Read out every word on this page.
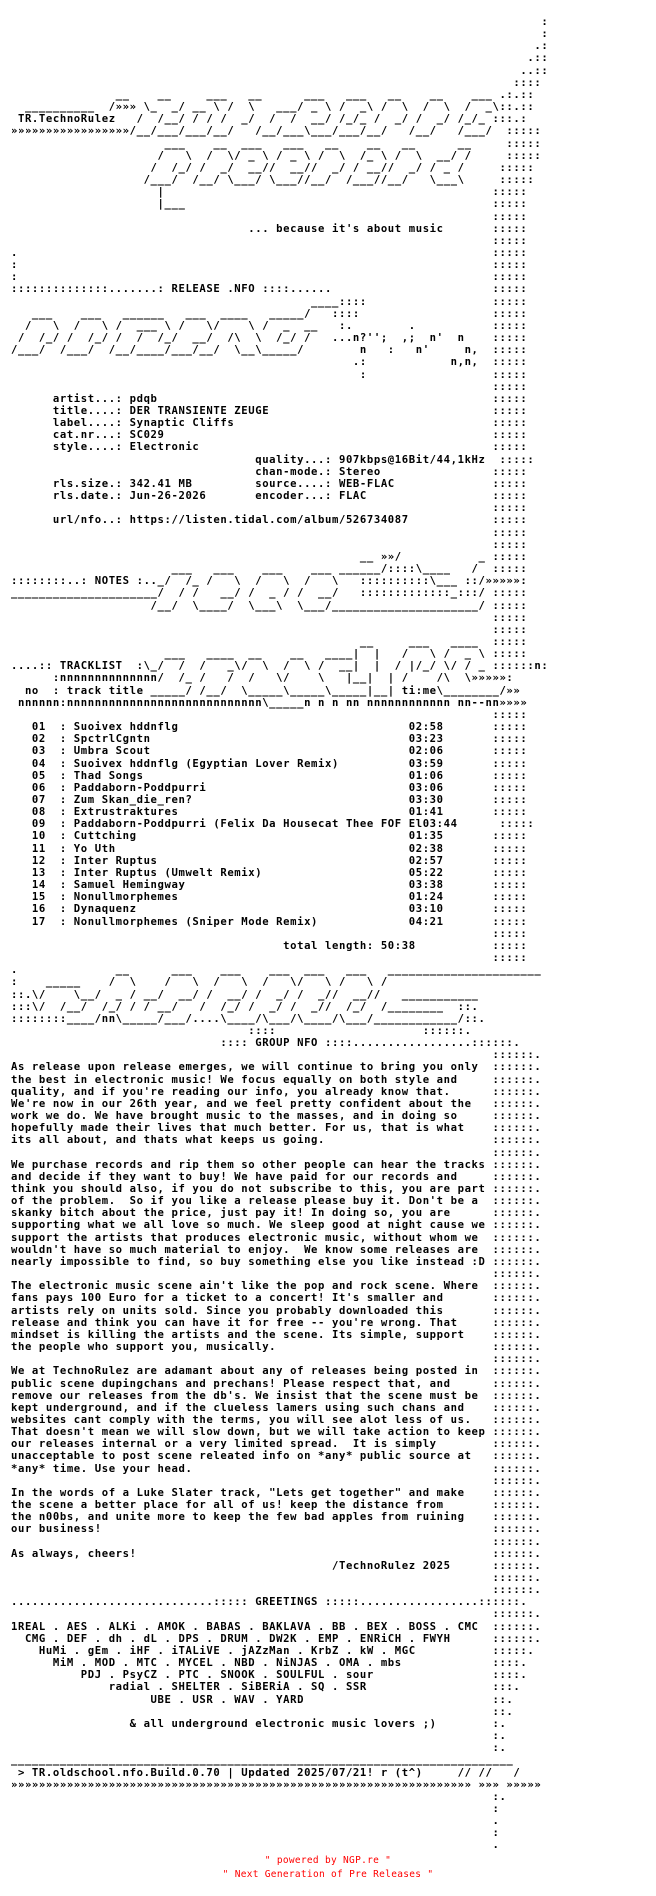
:
:
.:
.::
..::
::::
__    __     ___   __      ___   ___   __    __    ___ .:.::
__________  /»»» \_  _/ __ \ /  \   ___/ _ \ /  _\ /  \  /  \  /  _\::.::
TR.TechnoRulez   /  /__/ / / /  _/  /  /  __/ /_/_ /  _/ /  _/ /_/_ :::.:
»»»»»»»»»»»»»»»»»/__/___/___/__/   /__/___\___/___/__/   /__/   /___/  :::::
___    __  ___   ___   __    __   __      __     :::::
/   \  /  \/ _ \ / _ \ /  \  /_ \ /  \  __/ /     :::::
/  /_/ /  _/  __//  __//  _/ / __//  _/ / _ /     :::::
/___/  /__/ \___/ \___//__/  /___//__/   \___\     :::::
|                                               :::::
|___                                            :::::
:::::
... because it's about music       :::::
:::::
.                                                                    :::::
:                                                                    :::::
:                                                                    :::::
::::::::::::::.......: RELEASE .NFO ::::......                       :::::
____::::                  :::::
___    ___   ______   ___  ____   _____/   ::::                   :::::
/   \  /   \ /  ___ \ /   \/    \ /  _  __   :.        .           :::::
/  /_/ /  /_/ /  /  /_/  __/  /\  \  /_/ /   ...n?'';  ,;  n'  n    :::::
/___/  /___/  /__/____/___/__/  \__\_____/        n   :   n'     n,  :::::
.:            n,n,  :::::
:                  :::::
:::::
artist...: pdqb                                                :::::
title....: DER TRANSIENTE ZEUGE                                :::::
label....: Synaptic Cliffs                                     :::::
cat.nr...: SC029                                               :::::
style....: Electronic                                          :::::
quality...: 907kbps@16Bit/44,1kHz  :::::
chan-mode.: Stereo                :::::
rls.size.: 342.41 MB         source....: WEB-FLAC              :::::
rls.date.: Jun-26-2026       encoder...: FLAC                  :::::
:::::
url/nfo..: https://listen.tidal.com/album/526734087            :::::
:::::
:::::
__ »»/           _ :::::
___   ___    ___    ___ ______/::::\____   /  :::::
::::::::..: NOTES :.._/  /_ /   \  /   \  /   \   ::::::::::\___ ::/»»»»»:
_____________________/  / /   __/ /  _ / /  __/   :::::::::::::_:::/ :::::
/__/  \____/  \___\  \___/_____________________/ :::::
:::::
:::::
__     ___   ____  :::::
___   ____  __    __   ____|  |   /   \ /  _ \ :::::
....:: TRACKLIST  :\_/  /  /   _\/  \  /  \ /  __|  |  / |/_/ \/ / _ ::::::n:
:nnnnnnnnnnnnnn/  /_ /   /  /   \/    \   |__|  | /    /\  \»»»»»:
no  : track title _____/ /__/  \_____\_____\_____|__| ti:me\________/»»
nnnnnn:nnnnnnnnnnnnnnnnnnnnnnnnnnnn\_____n n n nn nnnnnnnnnnnn nn--nn»»»»
:::::
01  : Suoivex hddnflg                                 02:58       :::::
02  : SpctrlCgntn                                     03:23       :::::
03  : Umbra Scout                                     02:06       :::::
04  : Suoivex hddnflg (Egyptian Lover Remix)          03:59       :::::
05  : Thad Songs                                      01:06       :::::
06  : Paddaborn-Poddpurri                             03:06       :::::
07  : Zum Skan_die_ren?                               03:30       :::::
08  : Extrustraktures                                 01:41       :::::
09  : Paddaborn-Poddpurri (Felix Da Housecat Thee FOF El03:44      :::::
10  : Cuttching                                       01:35       :::::
11  : Yo Uth                                          02:38       :::::
12  : Inter Ruptus                                    02:57       :::::
13  : Inter Ruptus (Umwelt Remix)                     05:22       :::::
14  : Samuel Hemingway                                03:38       :::::
15  : Nonullmorphemes                                 01:24       :::::
16  : Dynaquenz                                       03:10       :::::
17  : Nonullmorphemes (Sniper Mode Remix)             04:21       :::::
:::::
total length: 50:38           :::::
:::::
.              __      ___    ___    ___  ___   ___   ______________________
:    _____    /  \    /   \  /   \  /   \/   \ /   \ /
::.\/    \__/  _ / __/  __/ /  __/ /  _/ /  _//  __//   ___________
:::\/  /__/  /_/ / / __/   /  /_/ /  _/ /  _//  /_/  /________  ::.
::::::::____/nn\_____/___/....\____/\___/\____/\___/____________/::.
::::                     ::::::.
:::: GROUP NFO ::::.................::::::.
::::::.
As release upon release emerges, we will continue to bring you only  ::::::.
the best in electronic music! We focus equally on both style and     ::::::.
quality, and if you're reading our info, you already know that.      ::::::.
We're now in our 26th year, and we feel pretty confident about the   ::::::.
work we do. We have brought music to the masses, and in doing so     ::::::.
hopefully made their lives that much better. For us, that is what    ::::::.
its all about, and thats what keeps us going.                        ::::::.
::::::.
We purchase records and rip them so other people can hear the tracks ::::::.
and decide if they want to buy! We have paid for our records and     ::::::.
think you should also, if you do not subscribe to this, you are part ::::::.
of the problem.  So if you like a release please buy it. Don't be a  ::::::.
skanky bitch about the price, just pay it! In doing so, you are      ::::::.
supporting what we all love so much. We sleep good at night cause we ::::::.
support the artists that produces electronic music, without whom we  ::::::.
wouldn't have so much material to enjoy.  We know some releases are  ::::::.
nearly impossible to find, so buy something else you like instead :D ::::::.
::::::.
The electronic music scene ain't like the pop and rock scene. Where  ::::::.
fans pays 100 Euro for a ticket to a concert! It's smaller and       ::::::.
artists rely on units sold. Since you probably downloaded this       ::::::.
release and think you can have it for free -- you're wrong. That     ::::::.
mindset is killing the artists and the scene. Its simple, support    ::::::.
the people who support you, musically.                               ::::::.
::::::.
We at TechnoRulez are adamant about any of releases being posted in  ::::::.
public scene dupingchans and prechans! Please respect that, and      ::::::.
remove our releases from the db's. We insist that the scene must be  ::::::.
kept underground, and if the clueless lamers using such chans and    ::::::.
websites cant comply with the terms, you will see alot less of us.   ::::::.
That doesn't mean we will slow down, but we will take action to keep ::::::.
our releases internal or a very limited spread.  It is simply        ::::::.
unacceptable to post scene releated info on *any* public source at   ::::::.
*any* time. Use your head.                                           ::::::.
::::::.
In the words of a Luke Slater track, "Lets get together" and make    ::::::.
the scene a better place for all of us! keep the distance from       ::::::.
the n00bs, and unite more to keep the few bad apples from ruining    ::::::.
our business!                                                        ::::::.
::::::.
As always, cheers!                                                   ::::::.
/TechnoRulez 2025      ::::::.
::::::.
::::::.
.............................::::: GREETINGS :::::.................::::::.
::::::.
1REAL . AES . ALKi . AMOK . BABAS . BAKLAVA . BB . BEX . BOSS . CMC  ::::::.
CMG . DEF . dh . dL . DPS . DRUM . DW2K . EMP . ENRiCH . FWYH      ::::::.
HuMi . gEm . iHF . iTALiVE . jAZzMan . KrbZ . kW . MGC           :::::.
MiM . MOD . MTC . MYCEL . NBD . NiNJAS . OMA . mbs             ::::.
PDJ . PsyCZ . PTC . SNOOK . SOULFUL . sour                 ::::.
radial . SHELTER . SiBERiA . SQ . SSR                  :::.
UBE . USR . WAV . YARD                           ::.
::.
& all underground electronic music lovers ;)        :.
:.
:.
________________________________________________________________________
> TR.oldschool.nfo.Build.0.70 | Updated 2025/07/21! r (t^)     // //   /
»»»»»»»»»»»»»»»»»»»»»»»»»»»»»»»»»»»»»»»»»»»»»»»»»»»»»»»»»»»»»»»»»» »»» »»»»»
:.
:
.
:
.
" powered by NGP.re "
" Next Generation of Pre Releases "
